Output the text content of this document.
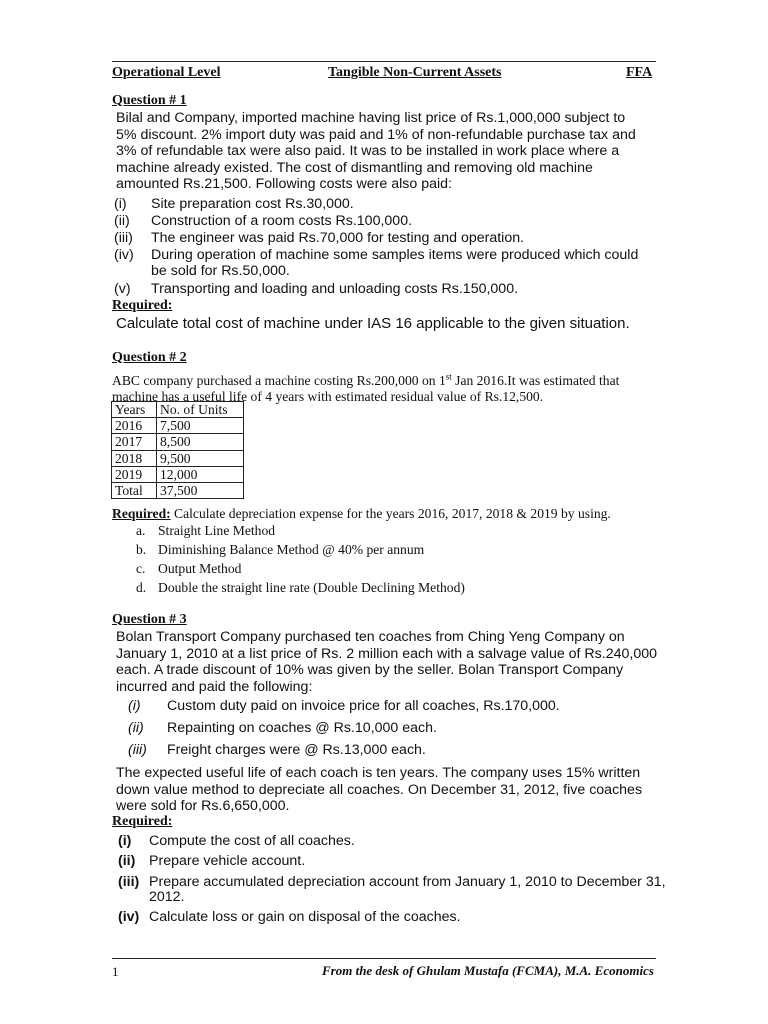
Operational Level	Tangible Non-Current Assets	FFA
Question # 1
Bilal and Company, imported machine having list price of Rs.1,000,000 subject to
5% discount. 2% import duty was paid and 1% of non-refundable purchase tax and
3% of refundable tax were also paid. It was to be installed in work place where a
machine already existed. The cost of dismantling and removing old machine
amounted Rs.21,500. Following costs were also paid:
(i) Site preparation cost Rs.30,000.
(ii) Construction of a room costs Rs.100,000.
(iii) The engineer was paid Rs.70,000 for testing and operation.
(iv) During operation of machine some samples items were produced which could
be sold for Rs.50,000.
(v) Transporting and loading and unloading costs Rs.150,000.
Required:
Calculate total cost of machine under IAS 16 applicable to the given situation.
Question # 2
ABC company purchased a machine costing Rs.200,000 on 1st Jan 2016.It was estimated that
machine has a useful life of 4 years with estimated residual value of Rs.12,500.
Years	No. of Units
2016	7,500
2017	8,500
2018	9,500
2019	12,000
Total	37,500
Required: Calculate depreciation expense for the years 2016, 2017, 2018 & 2019 by using.
a. Straight Line Method
b. Diminishing Balance Method @ 40% per annum
c. Output Method
d. Double the straight line rate (Double Declining Method)
Question # 3
Bolan Transport Company purchased ten coaches from Ching Yeng Company on
January 1, 2010 at a list price of Rs. 2 million each with a salvage value of Rs.240,000
each. A trade discount of 10% was given by the seller. Bolan Transport Company
incurred and paid the following:
(i) Custom duty paid on invoice price for all coaches, Rs.170,000.
(ii) Repainting on coaches @ Rs.10,000 each.
(iii) Freight charges were @ Rs.13,000 each.
The expected useful life of each coach is ten years. The company uses 15% written
down value method to depreciate all coaches. On December 31, 2012, five coaches
were sold for Rs.6,650,000.
Required:
(i) Compute the cost of all coaches.
(ii) Prepare vehicle account.
(iii) Prepare accumulated depreciation account from January 1, 2010 to December 31,
2012.
(iv) Calculate loss or gain on disposal of the coaches.
1	From the desk of Ghulam Mustafa (FCMA), M.A. Economics
